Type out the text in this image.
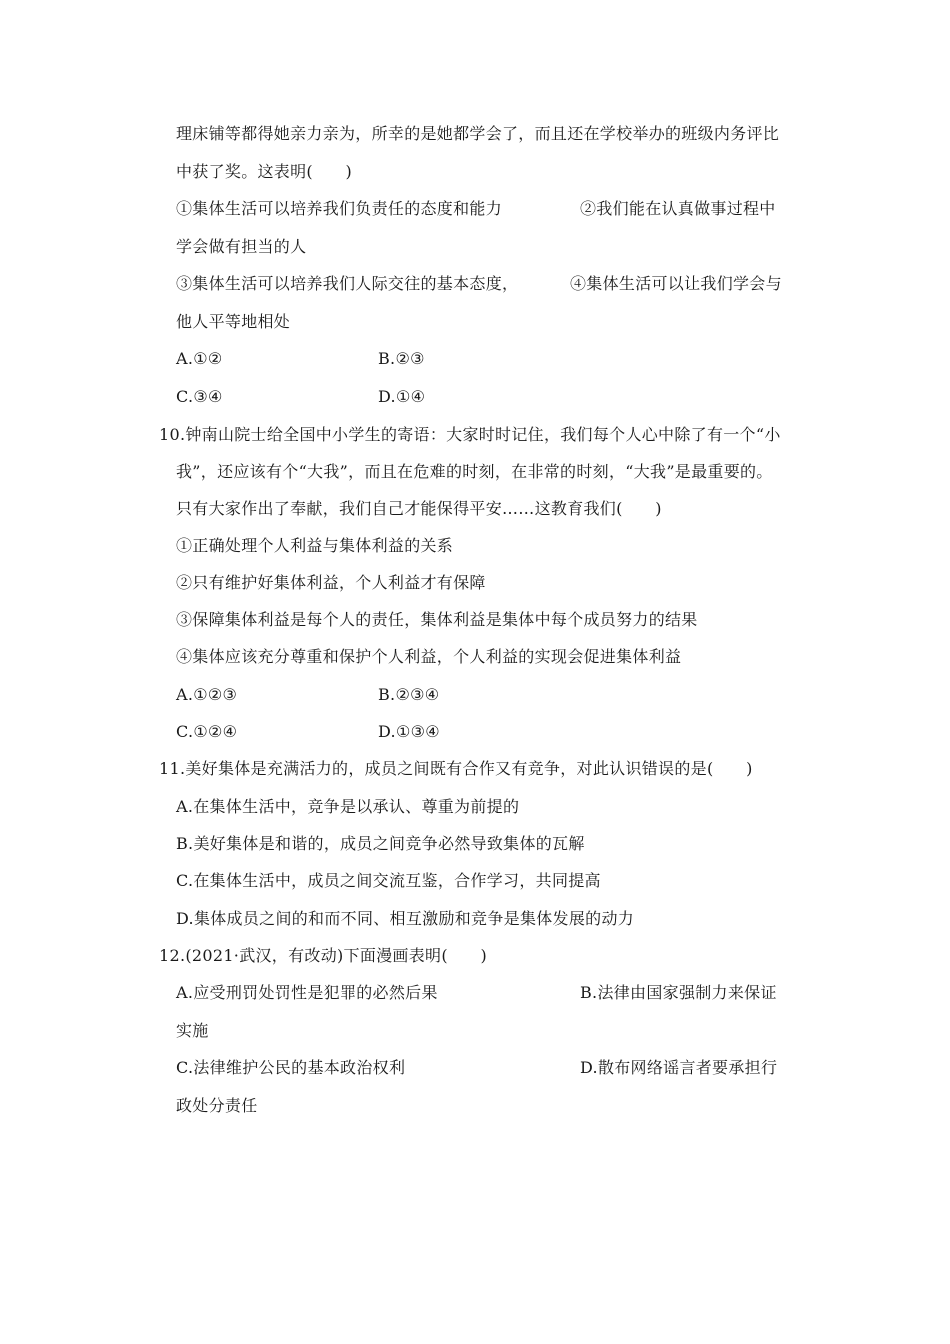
理床铺等都得她亲力亲为，所幸的是她都学会了，而且还在学校举办的班级内务评比
中获了奖。这表明(　　)
①集体生活可以培养我们负责任的态度和能力	②我们能在认真做事过程中
学会做有担当的人
③集体生活可以培养我们人际交往的基本态度，	④集体生活可以让我们学会与
他人平等地相处
A.①②	B.②③
C.③④	D.①④
10.钟南山院士给全国中小学生的寄语：大家时时记住，我们每个人心中除了有一个“小
我”，还应该有个“大我”，而且在危难的时刻，在非常的时刻，“大我”是最重要的。
只有大家作出了奉献，我们自己才能保得平安……这教育我们(　　)
①正确处理个人利益与集体利益的关系
②只有维护好集体利益，个人利益才有保障
③保障集体利益是每个人的责任，集体利益是集体中每个成员努力的结果
④集体应该充分尊重和保护个人利益，个人利益的实现会促进集体利益
A.①②③	B.②③④
C.①②④	D.①③④
11.美好集体是充满活力的，成员之间既有合作又有竞争，对此认识错误的是(　　)
A.在集体生活中，竞争是以承认、尊重为前提的
B.美好集体是和谐的，成员之间竞争必然导致集体的瓦解
C.在集体生活中，成员之间交流互鉴，合作学习，共同提高
D.集体成员之间的和而不同、相互激励和竞争是集体发展的动力
12.(2021·武汉，有改动)下面漫画表明(　　)
A.应受刑罚处罚性是犯罪的必然后果	B.法律由国家强制力来保证
实施
C.法律维护公民的基本政治权利	D.散布网络谣言者要承担行
政处分责任
